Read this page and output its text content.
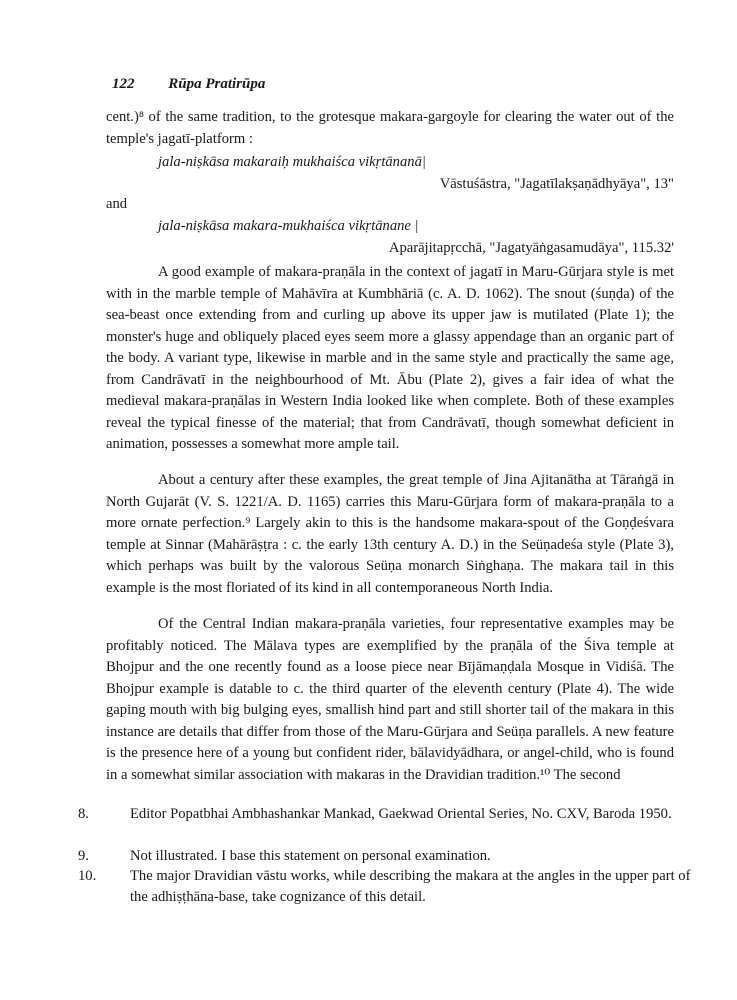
122 Rūpa Pratirūpa
cent.)⁸ of the same tradition, to the grotesque makara-gargoyle for clearing the water out of the temple's jagatī-platform :
jala-niṣkāsa makaraiḥ mukhaiśca vikṛtānanā|
Vāstuśāstra, "Jagatīlakṣaṇādhyāya", 13"
and
jala-niṣkāsa makara-mukhaiśca vikṛtānane |
Aparājitapṛcchā, "Jagatyāṅgasamudāya", 115.32'
A good example of makara-praṇāla in the context of jagatī in Maru-Gūrjara style is met with in the marble temple of Mahāvīra at Kumbhāriā (c. A. D. 1062). The snout (śuṇḍa) of the sea-beast once extending from and curling up above its upper jaw is mutilated (Plate 1); the monster's huge and obliquely placed eyes seem more a glassy appendage than an organic part of the body. A variant type, likewise in marble and in the same style and practically the same age, from Candrāvatī in the neighbourhood of Mt. Ābu (Plate 2), gives a fair idea of what the medieval makara-praṇālas in Western India looked like when complete. Both of these examples reveal the typical finesse of the material; that from Candrāvatī, though somewhat deficient in animation, possesses a somewhat more ample tail.
About a century after these examples, the great temple of Jina Ajitanātha at Tāraṅgā in North Gujarāt (V. S. 1221/A. D. 1165) carries this Maru-Gūrjara form of makara-praṇāla to a more ornate perfection.⁹ Largely akin to this is the handsome makara-spout of the Goṇḍeśvara temple at Sinnar (Mahārāṣṭra : c. the early 13th century A. D.) in the Seüṇadeśa style (Plate 3), which perhaps was built by the valorous Seüṇa monarch Siṅghaṇa. The makara tail in this example is the most floriated of its kind in all contemporaneous North India.
Of the Central Indian makara-praṇāla varieties, four representative examples may be profitably noticed. The Mālava types are exemplified by the praṇāla of the Śiva temple at Bhojpur and the one recently found as a loose piece near Bījāmaṇḍala Mosque in Vidiśā. The Bhojpur example is datable to c. the third quarter of the eleventh century (Plate 4). The wide gaping mouth with big bulging eyes, smallish hind part and still shorter tail of the makara in this instance are details that differ from those of the Maru-Gūrjara and Seüṇa parallels. A new feature is the presence here of a young but confident rider, bālavidyādhara, or angel-child, who is found in a somewhat similar association with makaras in the Dravidian tradition.¹⁰ The second
8.	Editor Popatbhai Ambhashankar Mankad, Gaekwad Oriental Series, No. CXV, Baroda 1950.
9.	Not illustrated. I base this statement on personal examination.
10. The major Dravidian vāstu works, while describing the makara at the angles in the upper part of the adhiṣṭhāna-base, take cognizance of this detail.
